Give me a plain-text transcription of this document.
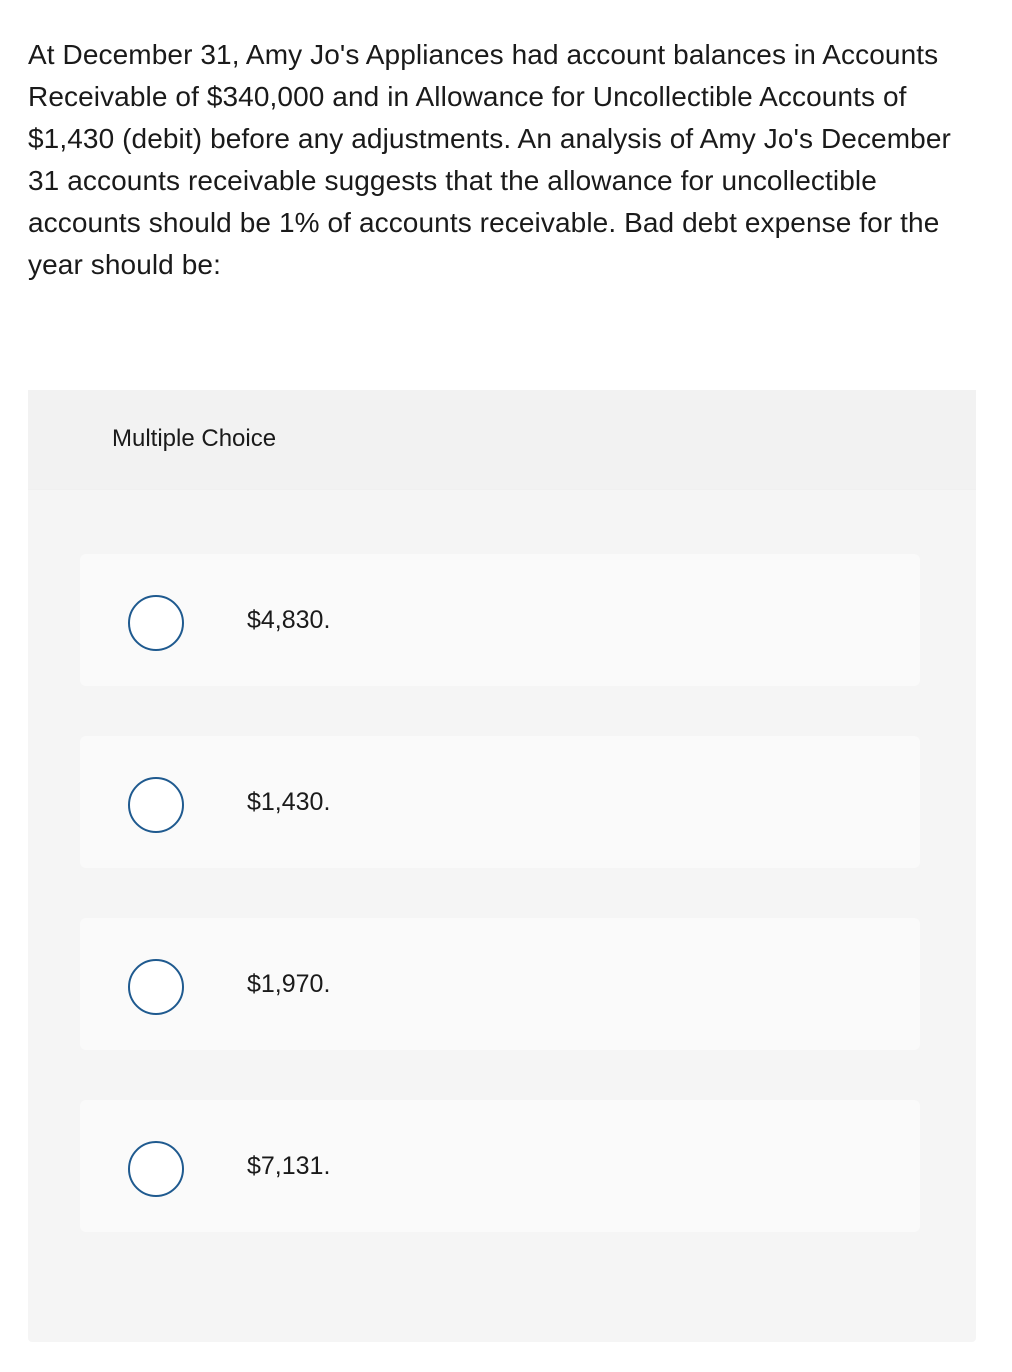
At December 31, Amy Jo's Appliances had account balances in Accounts Receivable of $340,000 and in Allowance for Uncollectible Accounts of $1,430 (debit) before any adjustments. An analysis of Amy Jo's December 31 accounts receivable suggests that the allowance for uncollectible accounts should be 1% of accounts receivable. Bad debt expense for the year should be:
Multiple Choice
$4,830.
$1,430.
$1,970.
$7,131.
